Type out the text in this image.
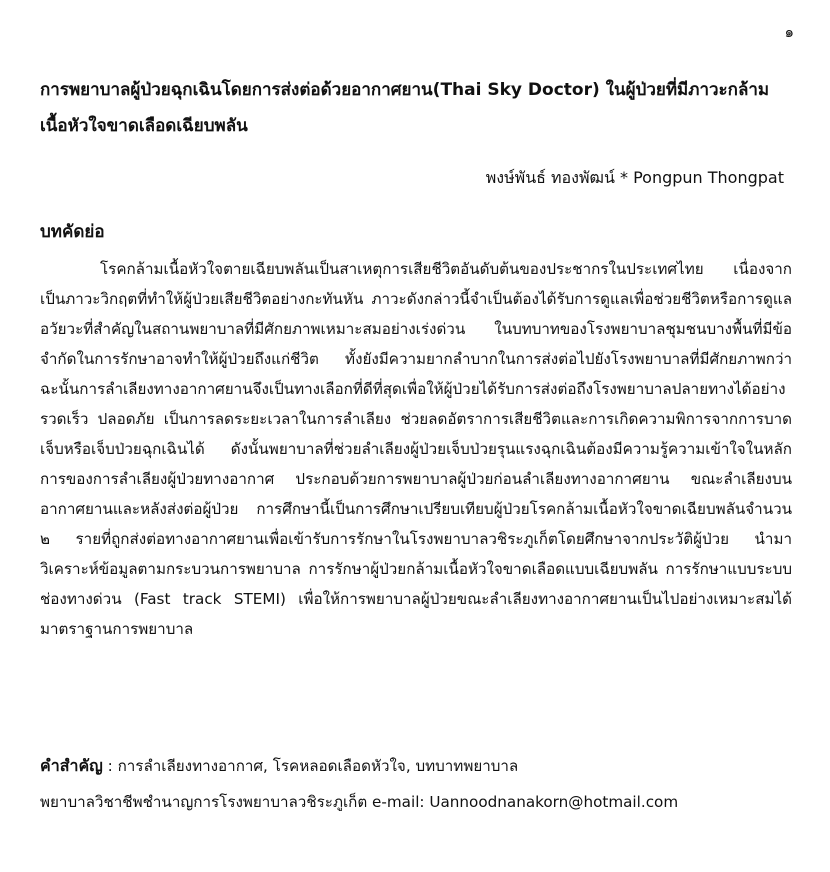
๑
การพยาบาลผู้ป่วยฉุกเฉินโดยการส่งต่อด้วยอากาศยาน(Thai Sky Doctor) ในผู้ป่วยที่มีภาวะกล้ามเนื้อหัวใจขาดเลือดเฉียบพลัน
พงษ์พันธ์ ทองพัฒน์ * Pongpun Thongpat
บทคัดย่อ

โรคกล้ามเนื้อหัวใจตายเฉียบพลันเป็นสาเหตุการเสียชีวิตอันดับต้นของประชากรในประเทศไทย เนื่องจากเป็นภาวะวิกฤตที่ทำให้ผู้ป่วยเสียชีวิตอย่างกะทันหัน ภาวะดังกล่าวนี้จำเป็นต้องได้รับการดูแลเพื่อช่วยชีวิตหรือการดูแลอวัยวะที่สำคัญในสถานพยาบาลที่มีศักยภาพเหมาะสมอย่างเร่งด่วน ในบทบาทของโรงพยาบาลชุมชนบางพื้นที่มีข้อจำกัดในการรักษาอาจทำให้ผู้ป่วยถึงแก่ชีวิต ทั้งยังมีความยากลำบากในการส่งต่อไปยังโรงพยาบาลที่มีศักยภาพกว่า ฉะนั้นการลำเลียงทางอากาศยานจึงเป็นทางเลือกที่ดีที่สุดเพื่อให้ผู้ป่วยได้รับการส่งต่อถึงโรงพยาบาลปลายทางได้อย่างรวดเร็ว ปลอดภัย เป็นการลดระยะเวลาในการลำเลียง ช่วยลดอัตราการเสียชีวิตและการเกิดความพิการจากการบาดเจ็บหรือเจ็บป่วยฉุกเฉินได้ ดังนั้นพยาบาลที่ช่วยลำเลียงผู้ป่วยเจ็บป่วยรุนแรงฉุกเฉินต้องมีความรู้ความเข้าใจในหลักการของการลำเลียงผู้ป่วยทางอากาศ ประกอบด้วยการพยาบาลผู้ป่วยก่อนลำเลียงทางอากาศยาน ขณะลำเลียงบนอากาศยานและหลังส่งต่อผู้ป่วย การศึกษานี้เป็นการศึกษาเปรียบเทียบผู้ป่วยโรคกล้ามเนื้อหัวใจขาดเฉียบพลันจำนวน ๒ รายที่ถูกส่งต่อทางอากาศยานเพื่อเข้ารับการรักษาในโรงพยาบาลวชิระภูเก็ตโดยศึกษาจากประวัติผู้ป่วย นำมาวิเคราะห์ข้อมูลตามกระบวนการพยาบาล การรักษาผู้ป่วยกล้ามเนื้อหัวใจขาดเลือดแบบเฉียบพลัน การรักษาแบบระบบช่องทางด่วน (Fast track STEMI) เพื่อให้การพยาบาลผู้ป่วยขณะลำเลียงทางอากาศยานเป็นไปอย่างเหมาะสมได้มาตราฐานการพยาบาล

คำสำคัญ : การลำเลียงทางอากาศ, โรคหลอดเลือดหัวใจ, บทบาทพยาบาล

พยาบาลวิชาชีพชำนาญการโรงพยาบาลวชิระภูเก็ต e-mail: Uannoodnanakorn@hotmail.com
